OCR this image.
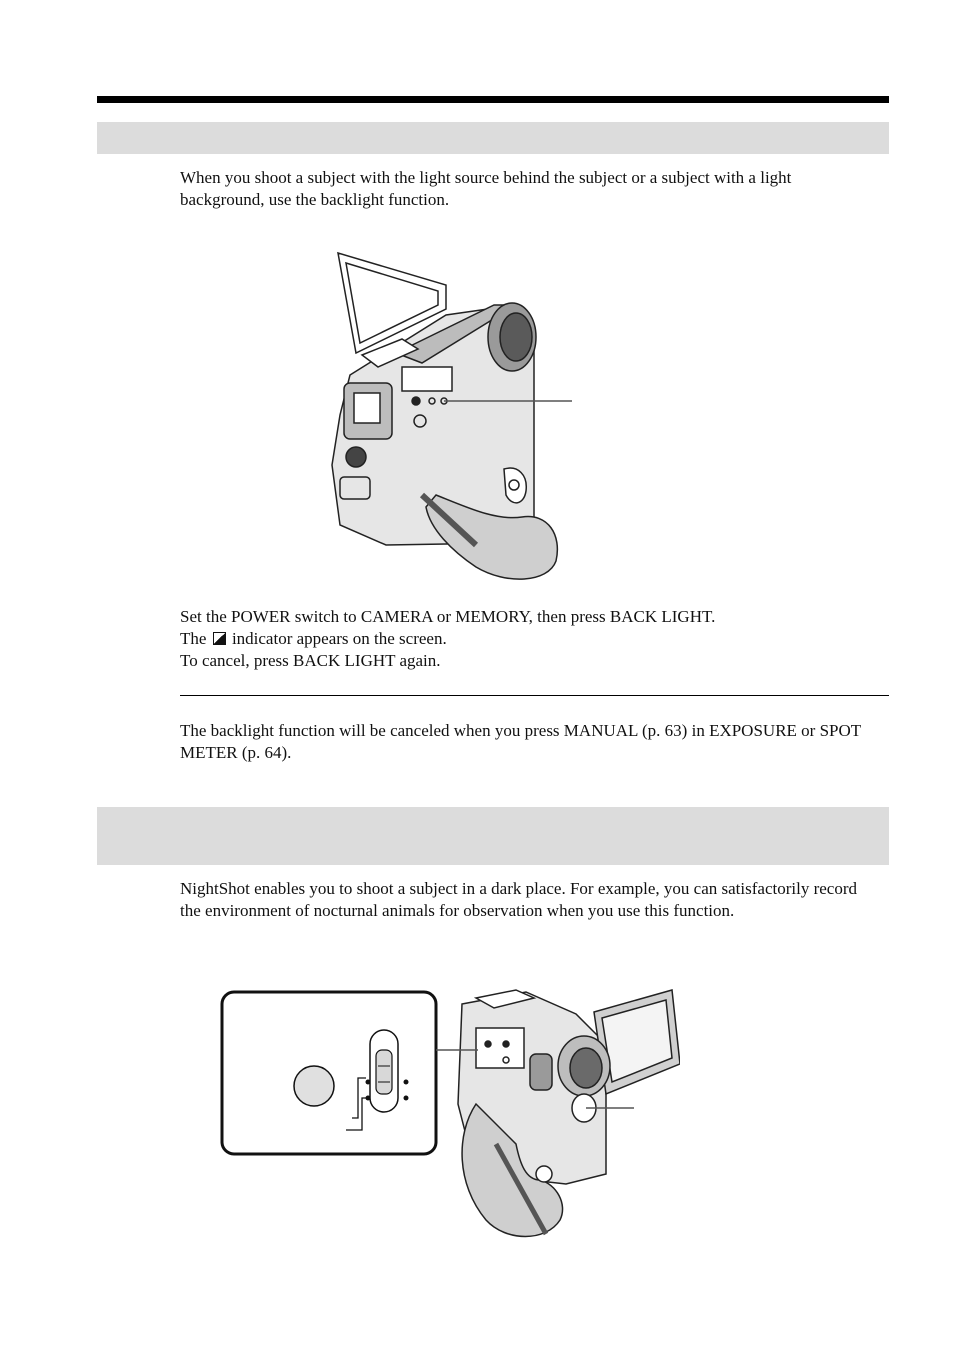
When you shoot a subject with the light source behind the subject or a subject with a light background, use the backlight function.

Set the POWER switch to CAMERA or MEMORY, then press BACK LIGHT.
The indicator appears on the screen.
To cancel, press BACK LIGHT again.

The backlight function will be canceled when you press MANUAL (p. 63) in EXPOSURE or SPOT METER (p. 64).

NightShot enables you to shoot a subject in a dark place. For example, you can satisfactorily record the environment of nocturnal animals for observation when you use this function.
